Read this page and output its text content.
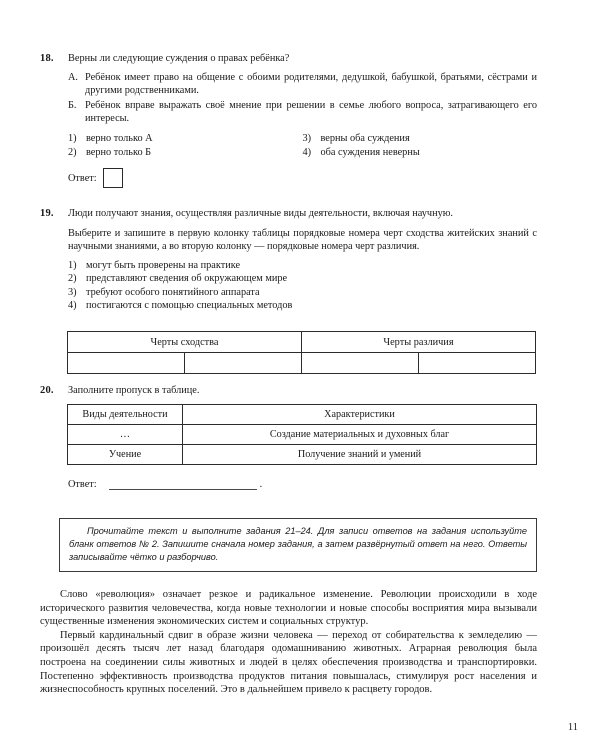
18.	Верны ли следующие суждения о правах ребёнка?
А. Ребёнок имеет право на общение с обоими родителями, дедушкой, бабушкой, братьями, сёстрами и другими родственниками.
Б. Ребёнок вправе выражать своё мнение при решении в семье любого вопроса, затрагивающего его интересы.
1) верно только А
2) верно только Б
3) верны оба суждения
4) оба суждения неверны
Ответ:
19.	Люди получают знания, осуществляя различные виды деятельности, включая научную.
Выберите и запишите в первую колонку таблицы порядковые номера черт сходства житейских знаний с научными знаниями, а во вторую колонку — порядковые номера черт различия.
1) могут быть проверены на практике
2) представляют сведения об окружающем мире
3) требуют особого понятийного аппарата
4) постигаются с помощью специальных методов
Черты сходства		Черты различия	

20.	Заполните пропуск в таблице.
Виды деятельности	Характеристики
…	Создание материальных и духовных благ
Учение	Получение знаний и умений
Ответ:	.
Прочитайте текст и выполните задания 21–24. Для записи ответов на задания используйте бланк ответов № 2. Запишите сначала номер задания, а затем развёрнутый ответ на него. Ответы записывайте чётко и разборчиво.

Слово «революция» означает резкое и радикальное изменение. Революции происходили в ходе исторического развития человечества, когда новые технологии и новые способы восприятия мира вызывали существенные изменения экономических систем и социальных структур.

Первый кардинальный сдвиг в образе жизни человека — переход от собирательства к земледелию — произошёл десять тысяч лет назад благодаря одомашниванию животных. Аграрная революция была построена на соединении силы животных и людей в целях обеспечения производства и транспортировки. Постепенно эффективность производства продуктов питания повышалась, стимулируя рост населения и жизнеспособность крупных поселений. Это в дальнейшем привело к расцвету городов.

11
